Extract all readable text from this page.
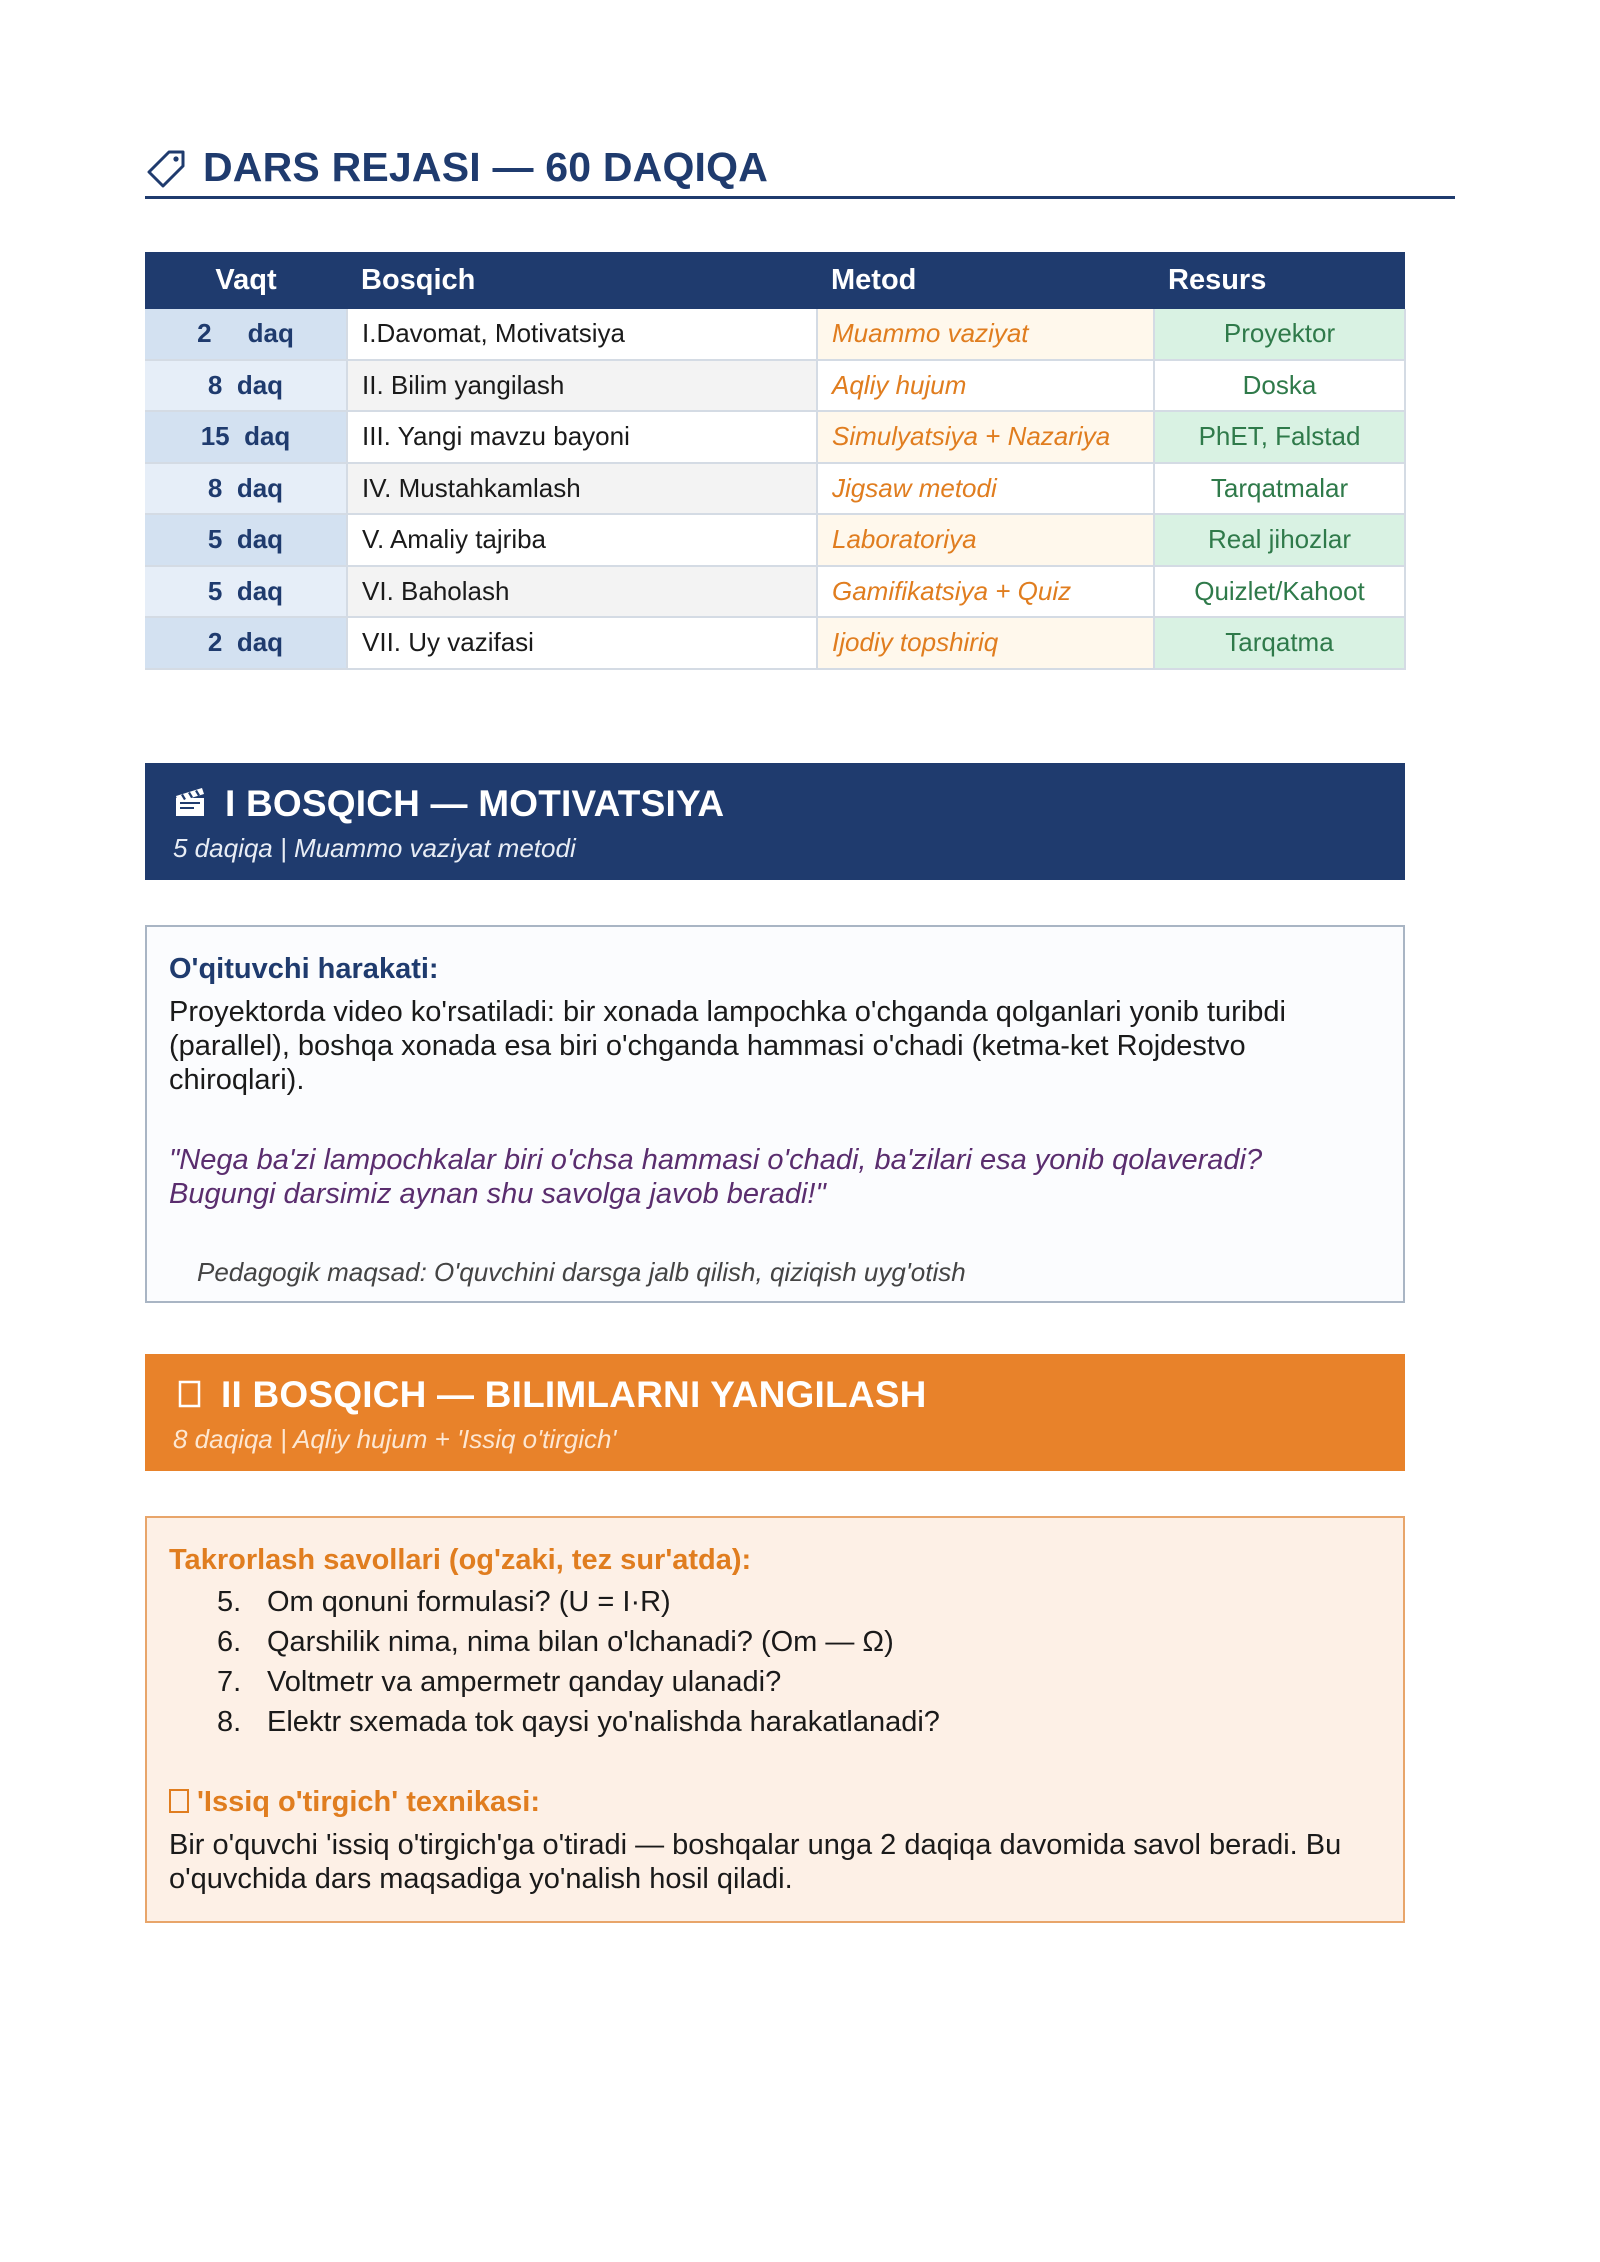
DARS REJASI — 60 DAQIQA
Vaqt	Bosqich	Metod	Resurs
2     daq	I.Davomat, Motivatsiya	Muammo vaziyat	Proyektor
8  daq	II. Bilim yangilash	Aqliy hujum	Doska
15  daq	III. Yangi mavzu bayoni	Simulyatsiya + Nazariya	PhET, Falstad
8  daq	IV. Mustahkamlash	Jigsaw metodi	Tarqatmalar
5  daq	V. Amaliy tajriba	Laboratoriya	Real jihozlar
5  daq	VI. Baholash	Gamifikatsiya + Quiz	Quizlet/Kahoot
2  daq	VII. Uy vazifasi	Ijodiy topshiriq	Tarqatma
I BOSQICH — MOTIVATSIYA
5 daqiqa | Muammo vaziyat metodi
O'qituvchi harakati:
Proyektorda video ko'rsatiladi: bir xonada lampochka o'chganda qolganlari yonib turibdi (parallel), boshqa xonada esa biri o'chganda hammasi o'chadi (ketma-ket Rojdestvo chiroqlari).
"Nega ba'zi lampochkalar biri o'chsa hammasi o'chadi, ba'zilari esa yonib qolaveradi? Bugungi darsimiz aynan shu savolga javob beradi!"
Pedagogik maqsad: O'quvchini darsga jalb qilish, qiziqish uyg'otish
II BOSQICH — BILIMLARNI YANGILASH
8 daqiqa | Aqliy hujum + 'Issiq o'tirgich'
Takrorlash savollari (og'zaki, tez sur'atda):
5. Om qonuni formulasi? (U = I·R)
6. Qarshilik nima, nima bilan o'lchanadi? (Om — Ω)
7. Voltmetr va ampermetr qanday ulanadi?
8. Elektr sxemada tok qaysi yo'nalishda harakatlanadi?
'Issiq o'tirgich' texnikasi:
Bir o'quvchi 'issiq o'tirgich'ga o'tiradi — boshqalar unga 2 daqiqa davomida savol beradi. Bu o'quvchida dars maqsadiga yo'nalish hosil qiladi.
